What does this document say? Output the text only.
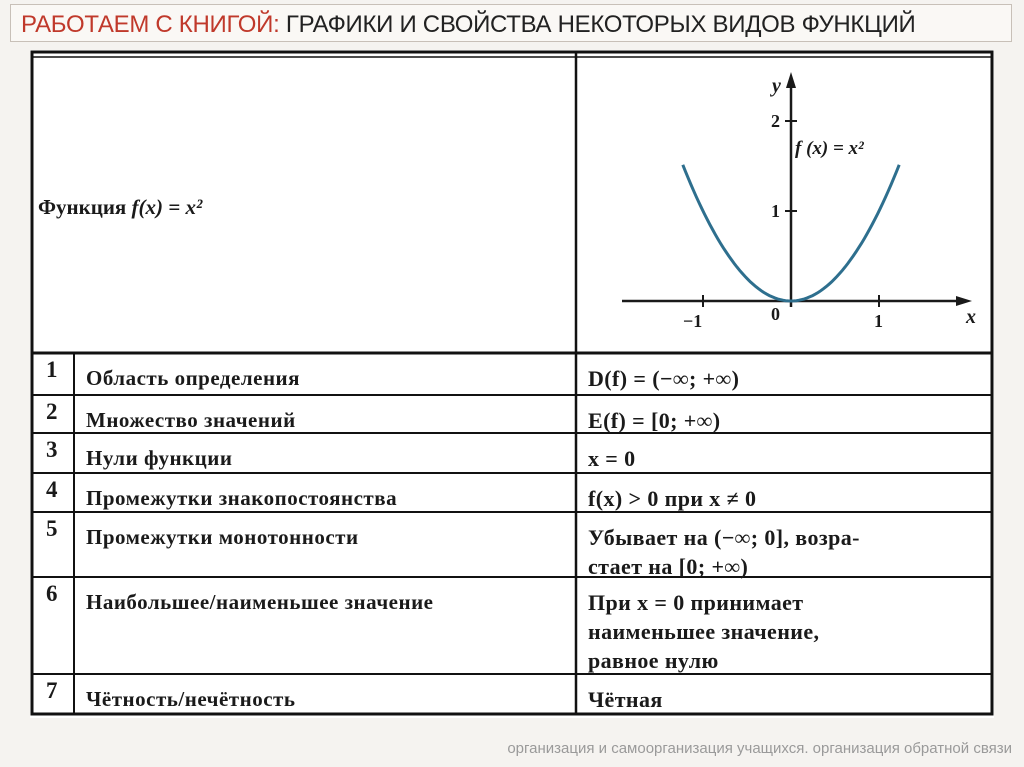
РАБОТАЕМ С КНИГОЙ: ГРАФИКИ И СВОЙСТВА НЕКОТОРЫХ ВИДОВ ФУНКЦИЙ
Функция f(x) = x²
−1	0	1
1
2
x
y
f (x) = x²
1 Область определения	D(f) = (−∞; +∞)
2 Множество значений	E(f) = [0; +∞)
3 Нули функции	x = 0
4 Промежутки знакопостоянства	f(x) > 0 при x ≠ 0
5 Промежутки монотонности	Убывает на (−∞; 0], возра-
стает на [0; +∞)
6 Наибольшее/наименьшее значение	При x = 0 принимает
наименьшее значение,
равное нулю
7 Чётность/нечётность	Чётная
организация и самоорганизация учащихся. организация обратной связи
